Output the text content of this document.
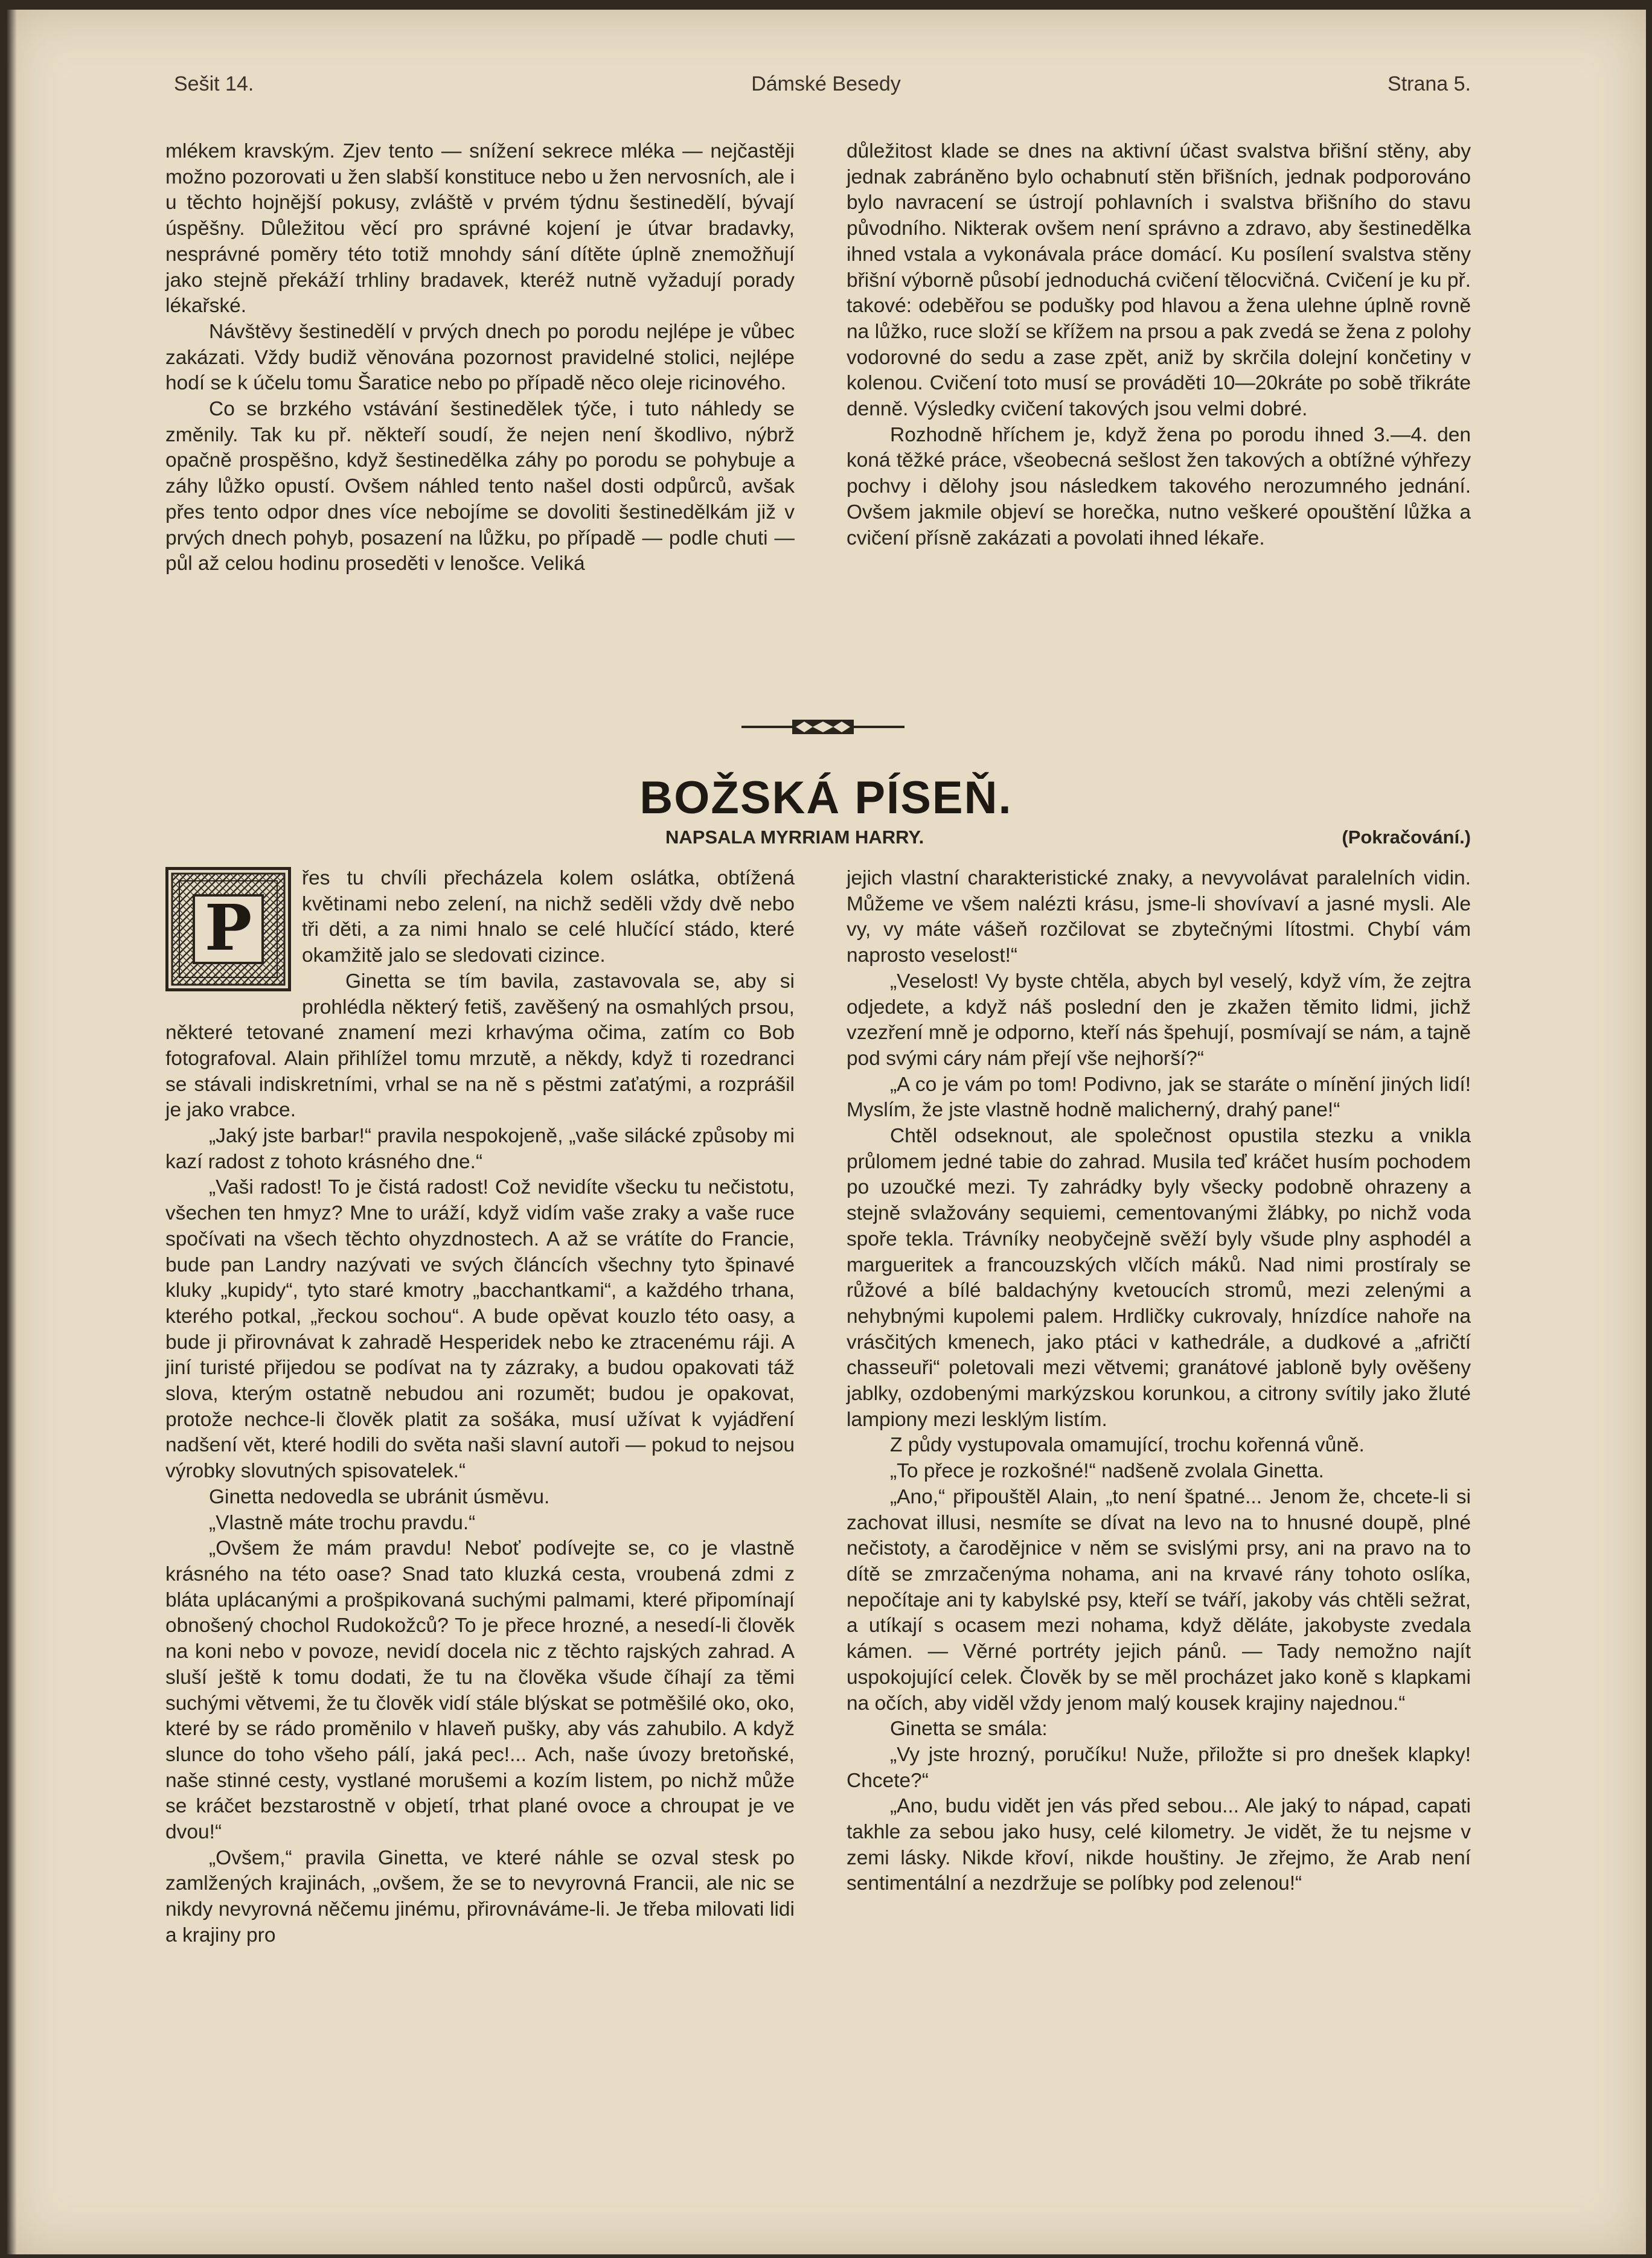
Sešit 14.	Dámské Besedy	Strana 5.

mlékem kravským. Zjev tento — snížení sekrece mléka — nejčastěji možno pozorovati u žen slabší konstituce nebo u žen nervosních, ale i u těchto hojnější pokusy, zvláště v prvém týdnu šestinedělí, bývají úspěšny. Důležitou věcí pro správné kojení je útvar bradavky, nesprávné poměry této totiž mnohdy sání dítěte úplně znemožňují jako stejně překáží trhliny bradavek, kteréž nutně vyžadují porady lékařské.

Návštěvy šestinedělí v prvých dnech po porodu nejlépe je vůbec zakázati. Vždy budiž věnována pozornost pravidelné stolici, nejlépe hodí se k účelu tomu Šaratice nebo po případě něco oleje ricinového.

Co se brzkého vstávání šestinedělek týče, i tuto náhledy se změnily. Tak ku př. někteří soudí, že nejen není škodlivo, nýbrž opačně prospěšno, když šestinedělka záhy po porodu se pohybuje a záhy lůžko opustí. Ovšem náhled tento našel dosti odpůrců, avšak přes tento odpor dnes více nebojíme se dovoliti šestinedělkám již v prvých dnech pohyb, posazení na lůžku, po případě — podle chuti — půl až celou hodinu proseděti v lenošce. Veliká

důležitost klade se dnes na aktivní účast svalstva břišní stěny, aby jednak zabráněno bylo ochabnutí stěn břišních, jednak podporováno bylo navracení se ústrojí pohlavních i svalstva břišního do stavu původního. Nikterak ovšem není správno a zdravo, aby šestinedělka ihned vstala a vykonávala práce domácí. Ku posílení svalstva stěny břišní výborně působí jednoduchá cvičení tělocvičná. Cvičení je ku př. takové: odeběřou se podušky pod hlavou a žena ulehne úplně rovně na lůžko, ruce složí se křížem na prsou a pak zvedá se žena z polohy vodorovné do sedu a zase zpět, aniž by skrčila dolejní končetiny v kolenou. Cvičení toto musí se prováděti 10—20kráte po sobě třikráte denně. Výsledky cvičení takových jsou velmi dobré.

Rozhodně hříchem je, když žena po porodu ihned 3.—4. den koná těžké práce, všeobecná sešlost žen takových a obtížné výhřezy pochvy i dělohy jsou následkem takového nerozumného jednání. Ovšem jakmile objeví se horečka, nutno veškeré opouštění lůžka a cvičení přísně zakázati a povolati ihned lékaře.

BOŽSKÁ PÍSEŇ.
NAPSALA MYRRIAM HARRY.	(Pokračování.)
P

řes tu chvíli přecházela kolem oslátka, obtížená květinami nebo zelení, na nichž seděli vždy dvě nebo tři děti, a za nimi hnalo se celé hlučící stádo, které okamžitě jalo se sledovati cizince.

Ginetta se tím bavila, zastavovala se, aby si prohlédla některý fetiš, zavěšený na osmahlých prsou, některé tetované znamení mezi krhavýma očima, zatím co Bob fotografoval. Alain přihlížel tomu mrzutě, a někdy, když ti rozedranci se stávali indiskretními, vrhal se na ně s pěstmi zaťatými, a rozprášil je jako vrabce.

„Jaký jste barbar!“ pravila nespokojeně, „vaše silácké způsoby mi kazí radost z tohoto krásného dne.“

„Vaši radost! To je čistá radost! Což nevidíte všecku tu nečistotu, všechen ten hmyz? Mne to uráží, když vidím vaše zraky a vaše ruce spočívati na všech těchto ohyzdnostech. A až se vrátíte do Francie, bude pan Landry nazývati ve svých článcích všechny tyto špinavé kluky „kupidy“, tyto staré kmotry „bacchantkami“, a každého trhana, kterého potkal, „řeckou sochou“. A bude opěvat kouzlo této oasy, a bude ji přirovnávat k zahradě Hesperidek nebo ke ztracenému ráji. A jiní turisté přijedou se podívat na ty zázraky, a budou opakovati táž slova, kterým ostatně nebudou ani rozumět; budou je opakovat, protože nechce-li člověk platit za sošáka, musí užívat k vyjádření nadšení vět, které hodili do světa naši slavní autoři — pokud to nejsou výrobky slovutných spisovatelek.“

Ginetta nedovedla se ubránit úsměvu.

„Vlastně máte trochu pravdu.“

„Ovšem že mám pravdu! Neboť podívejte se, co je vlastně krásného na této oase? Snad tato kluzká cesta, vroubená zdmi z bláta uplácanými a prošpikovaná suchými palmami, které připomínají obnošený chochol Rudokožců? To je přece hrozné, a nesedí-li člověk na koni nebo v povoze, nevidí docela nic z těchto rajských zahrad. A sluší ještě k tomu dodati, že tu na člověka všude číhají za těmi suchými větvemi, že tu člověk vidí stále blýskat se potměšilé oko, oko, které by se rádo proměnilo v hlaveň pušky, aby vás zahubilo. A když slunce do toho všeho pálí, jaká pec!... Ach, naše úvozy bretoňské, naše stinné cesty, vystlané morušemi a kozím listem, po nichž může se kráčet bezstarostně v objetí, trhat plané ovoce a chroupat je ve dvou!“

„Ovšem,“ pravila Ginetta, ve které náhle se ozval stesk po zamlžených krajinách, „ovšem, že se to nevyrovná Francii, ale nic se nikdy nevyrovná něčemu jinému, přirovnáváme-li. Je třeba milovati lidi a krajiny pro

jejich vlastní charakteristické znaky, a nevyvolávat paralelních vidin. Můžeme ve všem nalézti krásu, jsme-li shovívaví a jasné mysli. Ale vy, vy máte vášeň rozčilovat se zbytečnými lítostmi. Chybí vám naprosto veselost!“

„Veselost! Vy byste chtěla, abych byl veselý, když vím, že zejtra odjedete, a když náš poslední den je zkažen těmito lidmi, jichž vzezření mně je odporno, kteří nás špehují, posmívají se nám, a tajně pod svými cáry nám přejí vše nejhorší?“

„A co je vám po tom! Podivno, jak se staráte o mínění jiných lidí! Myslím, že jste vlastně hodně malicherný, drahý pane!“

Chtěl odseknout, ale společnost opustila stezku a vnikla průlomem jedné tabie do zahrad. Musila teď kráčet husím pochodem po uzoučké mezi. Ty zahrádky byly všecky podobně ohrazeny a stejně svlažovány sequiemi, cementovanými žlábky, po nichž voda spoře tekla. Trávníky neobyčejně svěží byly všude plny asphodél a margueritek a francouzských vlčích máků. Nad nimi prostíraly se růžové a bílé baldachýny kvetoucích stromů, mezi zelenými a nehybnými kupolemi palem. Hrdličky cukrovaly, hnízdíce nahoře na vrásčitých kmenech, jako ptáci v kathedrále, a dudkové a „afričtí chasseuři“ poletovali mezi větvemi; granátové jabloně byly ověšeny jablky, ozdobenými markýzskou korunkou, a citrony svítily jako žluté lampiony mezi lesklým listím.

Z půdy vystupovala omamující, trochu kořenná vůně.

„To přece je rozkošné!“ nadšeně zvolala Ginetta.

„Ano,“ připouštěl Alain, „to není špatné... Jenom že, chcete-li si zachovat illusi, nesmíte se dívat na levo na to hnusné doupě, plné nečistoty, a čarodějnice v něm se svislými prsy, ani na pravo na to dítě se zmrzačenýma nohama, ani na krvavé rány tohoto oslíka, nepočítaje ani ty kabylské psy, kteří se tváří, jakoby vás chtěli sežrat, a utíkají s ocasem mezi nohama, když děláte, jakobyste zvedala kámen. — Věrné portréty jejich pánů. — Tady nemožno najít uspokojující celek. Člověk by se měl procházet jako koně s klapkami na očích, aby viděl vždy jenom malý kousek krajiny najednou.“

Ginetta se smála:

„Vy jste hrozný, poručíku! Nuže, přiložte si pro dnešek klapky! Chcete?“

„Ano, budu vidět jen vás před sebou... Ale jaký to nápad, capati takhle za sebou jako husy, celé kilometry. Je vidět, že tu nejsme v zemi lásky. Nikde křoví, nikde houštiny. Je zřejmo, že Arab není sentimentální a nezdržuje se políbky pod zelenou!“
